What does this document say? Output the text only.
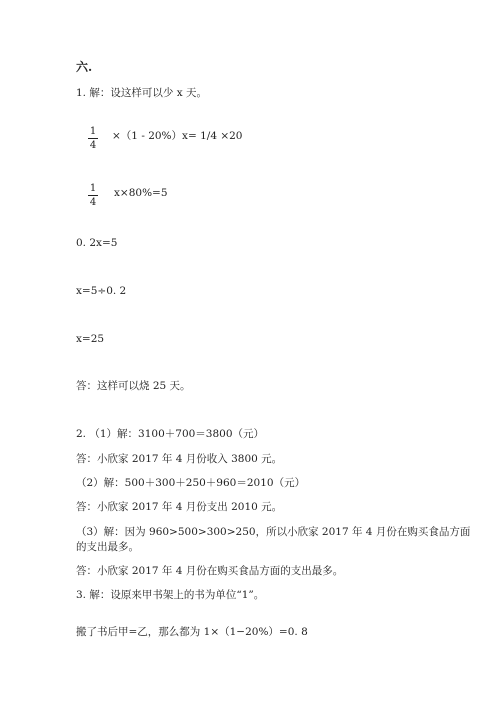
六.
1. 解：设这样可以少 x 天。
1
4
×（1 - 20%）x= 1/4 ×20
1
4
x×80%=5
0. 2x=5
x=5÷0. 2
x=25
答：这样可以烧 25 天。
2. （1）解：3100＋700＝3800（元）
答：小欣家 2017 年 4 月份收入 3800 元。
（2）解：500＋300＋250＋960＝2010（元）
答：小欣家 2017 年 4 月份支出 2010 元。
（3）解：因为 960>500>300>250，所以小欣家 2017 年 4 月份在购买食品方面
的支出最多。
答：小欣家 2017 年 4 月份在购买食品方面的支出最多。
3. 解：设原来甲书架上的书为单位“1”。
搬了书后甲=乙，那么都为 1×（1−20%）=0. 8
